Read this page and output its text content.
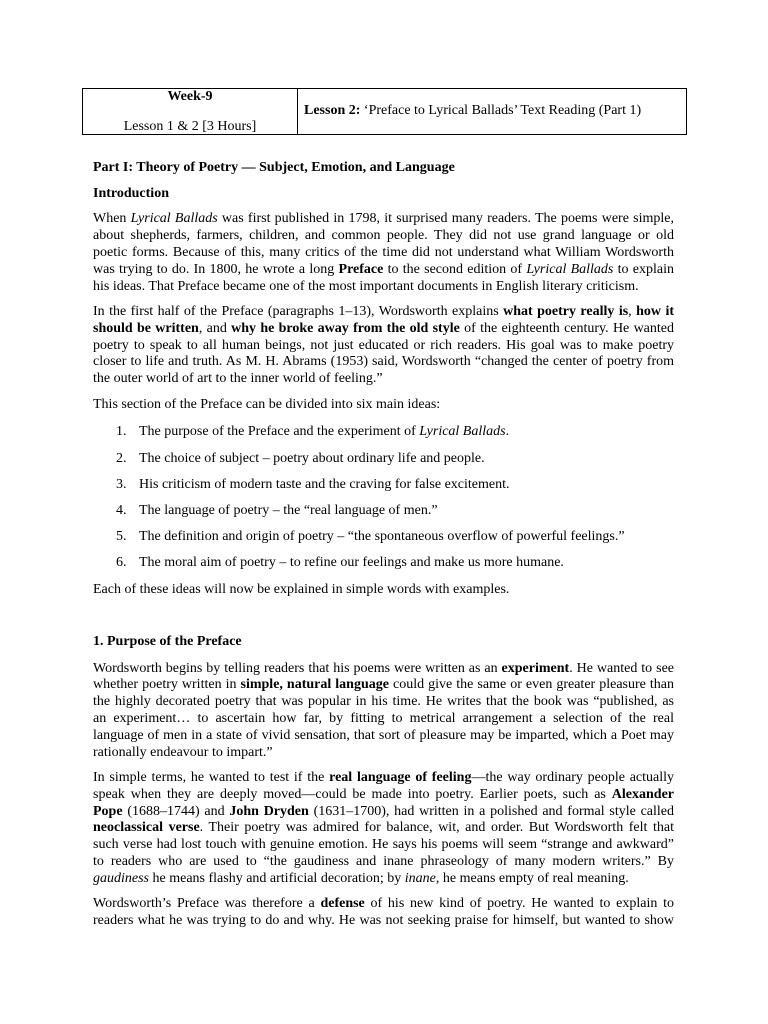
Week-9
Lesson 1 & 2 [3 Hours]
Lesson 2: ‘Preface to Lyrical Ballads’ Text Reading (Part 1)
Part I: Theory of Poetry — Subject, Emotion, and Language
Introduction
When Lyrical Ballads was first published in 1798, it surprised many readers. The poems were simple,
about shepherds, farmers, children, and common people. They did not use grand language or old
poetic forms. Because of this, many critics of the time did not understand what William Wordsworth
was trying to do. In 1800, he wrote a long Preface to the second edition of Lyrical Ballads to explain
his ideas. That Preface became one of the most important documents in English literary criticism.
In the first half of the Preface (paragraphs 1–13), Wordsworth explains what poetry really is, how it
should be written, and why he broke away from the old style of the eighteenth century. He wanted
poetry to speak to all human beings, not just educated or rich readers. His goal was to make poetry
closer to life and truth. As M. H. Abrams (1953) said, Wordsworth “changed the center of poetry from
the outer world of art to the inner world of feeling.”
This section of the Preface can be divided into six main ideas:
1. The purpose of the Preface and the experiment of Lyrical Ballads.
2. The choice of subject – poetry about ordinary life and people.
3. His criticism of modern taste and the craving for false excitement.
4. The language of poetry – the “real language of men.”
5. The definition and origin of poetry – “the spontaneous overflow of powerful feelings.”
6. The moral aim of poetry – to refine our feelings and make us more humane.
Each of these ideas will now be explained in simple words with examples.
1. Purpose of the Preface
Wordsworth begins by telling readers that his poems were written as an experiment. He wanted to see
whether poetry written in simple, natural language could give the same or even greater pleasure than
the highly decorated poetry that was popular in his time. He writes that the book was “published, as
an experiment… to ascertain how far, by fitting to metrical arrangement a selection of the real
language of men in a state of vivid sensation, that sort of pleasure may be imparted, which a Poet may
rationally endeavour to impart.”
In simple terms, he wanted to test if the real language of feeling—the way ordinary people actually
speak when they are deeply moved—could be made into poetry. Earlier poets, such as Alexander
Pope (1688–1744) and John Dryden (1631–1700), had written in a polished and formal style called
neoclassical verse. Their poetry was admired for balance, wit, and order. But Wordsworth felt that
such verse had lost touch with genuine emotion. He says his poems will seem “strange and awkward”
to readers who are used to “the gaudiness and inane phraseology of many modern writers.” By
gaudiness he means flashy and artificial decoration; by inane, he means empty of real meaning.
Wordsworth’s Preface was therefore a defense of his new kind of poetry. He wanted to explain to
readers what he was trying to do and why. He was not seeking praise for himself, but wanted to show
